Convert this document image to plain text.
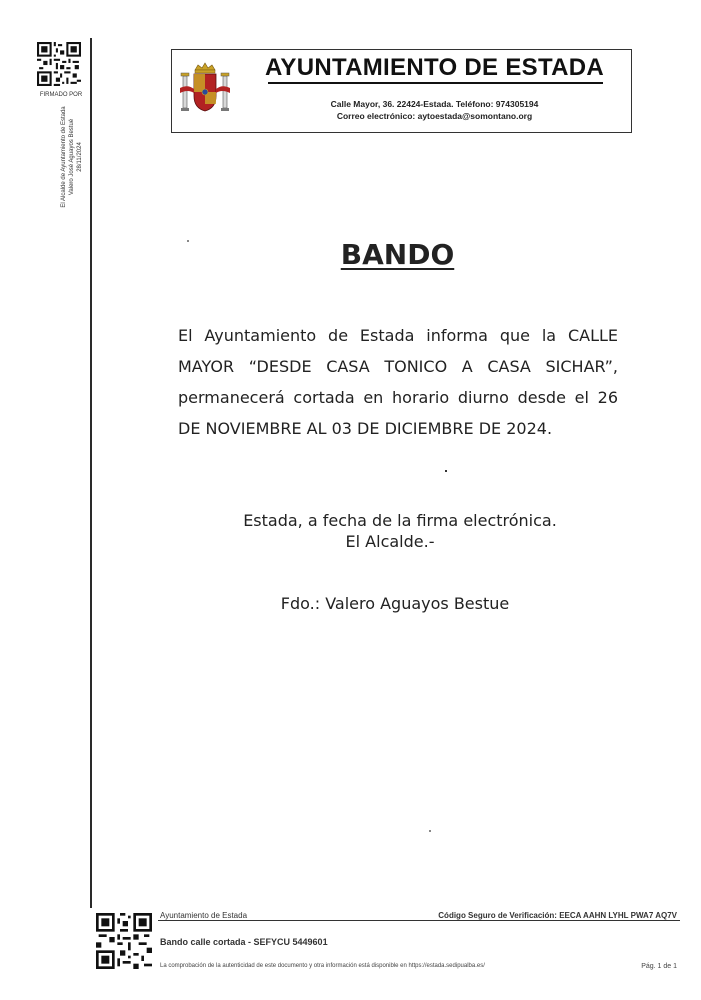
FIRMADO POR
El Alcalde de Ayuntamiento de Estada Valero José Aguayos Bestué 28/11/2024
AYUNTAMIENTO DE ESTADA
Calle Mayor, 36. 22424-Estada. Teléfono: 974305194
Correo electrónico: aytoestada@somontano.org
BANDO
El Ayuntamiento de Estada informa que la CALLE MAYOR “DESDE CASA TONICO A CASA SICHAR”, permanecerá cortada en horario diurno desde el 26 DE NOVIEMBRE AL 03 DE DICIEMBRE DE 2024.
Estada, a fecha de la firma electrónica.
El Alcalde.-
Fdo.: Valero Aguayos Bestue
Ayuntamiento de Estada	Código Seguro de Verificación: EECA AAHN LYHL PWA7 AQ7V
Bando calle cortada - SEFYCU 5449601
La comprobación de la autenticidad de este documento y otra información está disponible en https://estada.sedipualba.es/	Pág. 1 de 1
